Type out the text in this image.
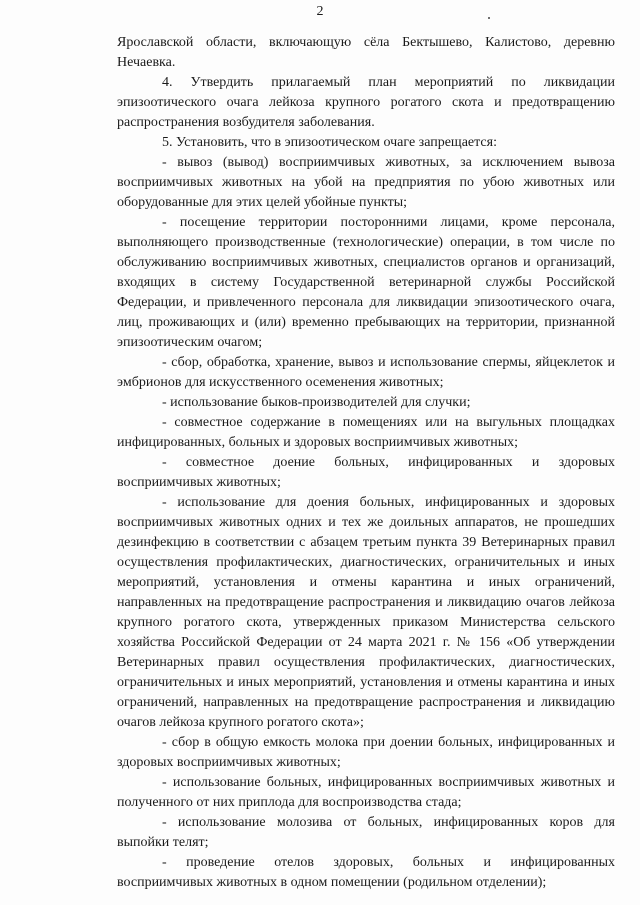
2

Ярославской области, включающую сёла Бектышево, Калистово, деревню Нечаевка.

4. Утвердить прилагаемый план мероприятий по ликвидации эпизоотического очага лейкоза крупного рогатого скота и предотвращению распространения возбудителя заболевания.

5. Установить, что в эпизоотическом очаге запрещается:

- вывоз (вывод) восприимчивых животных, за исключением вывоза восприимчивых животных на убой на предприятия по убою животных или оборудованные для этих целей убойные пункты;

- посещение территории посторонними лицами, кроме персонала, выполняющего производственные (технологические) операции, в том числе по обслуживанию восприимчивых животных, специалистов органов и организаций, входящих в систему Государственной ветеринарной службы Российской Федерации, и привлеченного персонала для ликвидации эпизоотического очага, лиц, проживающих и (или) временно пребывающих на территории, признанной эпизоотическим очагом;

- сбор, обработка, хранение, вывоз и использование спермы, яйцеклеток и эмбрионов для искусственного осеменения животных;

- использование быков-производителей для случки;

- совместное содержание в помещениях или на выгульных площадках инфицированных, больных и здоровых восприимчивых животных;

- совместное доение больных, инфицированных и здоровых восприимчивых животных;

- использование для доения больных, инфицированных и здоровых восприимчивых животных одних и тех же доильных аппаратов, не прошедших дезинфекцию в соответствии с абзацем третьим пункта 39 Ветеринарных правил осуществления профилактических, диагностических, ограничительных и иных мероприятий, установления и отмены карантина и иных ограничений, направленных на предотвращение распространения и ликвидацию очагов лейкоза крупного рогатого скота, утвержденных приказом Министерства сельского хозяйства Российской Федерации от 24 марта 2021 г. № 156 «Об утверждении Ветеринарных правил осуществления профилактических, диагностических, ограничительных и иных мероприятий, установления и отмены карантина и иных ограничений, направленных на предотвращение распространения и ликвидацию очагов лейкоза крупного рогатого скота»;

- сбор в общую емкость молока при доении больных, инфицированных и здоровых восприимчивых животных;

- использование больных, инфицированных восприимчивых животных и полученного от них приплода для воспроизводства стада;

- использование молозива от больных, инфицированных коров для выпойки телят;

- проведение отелов здоровых, больных и инфицированных восприимчивых животных в одном помещении (родильном отделении);
